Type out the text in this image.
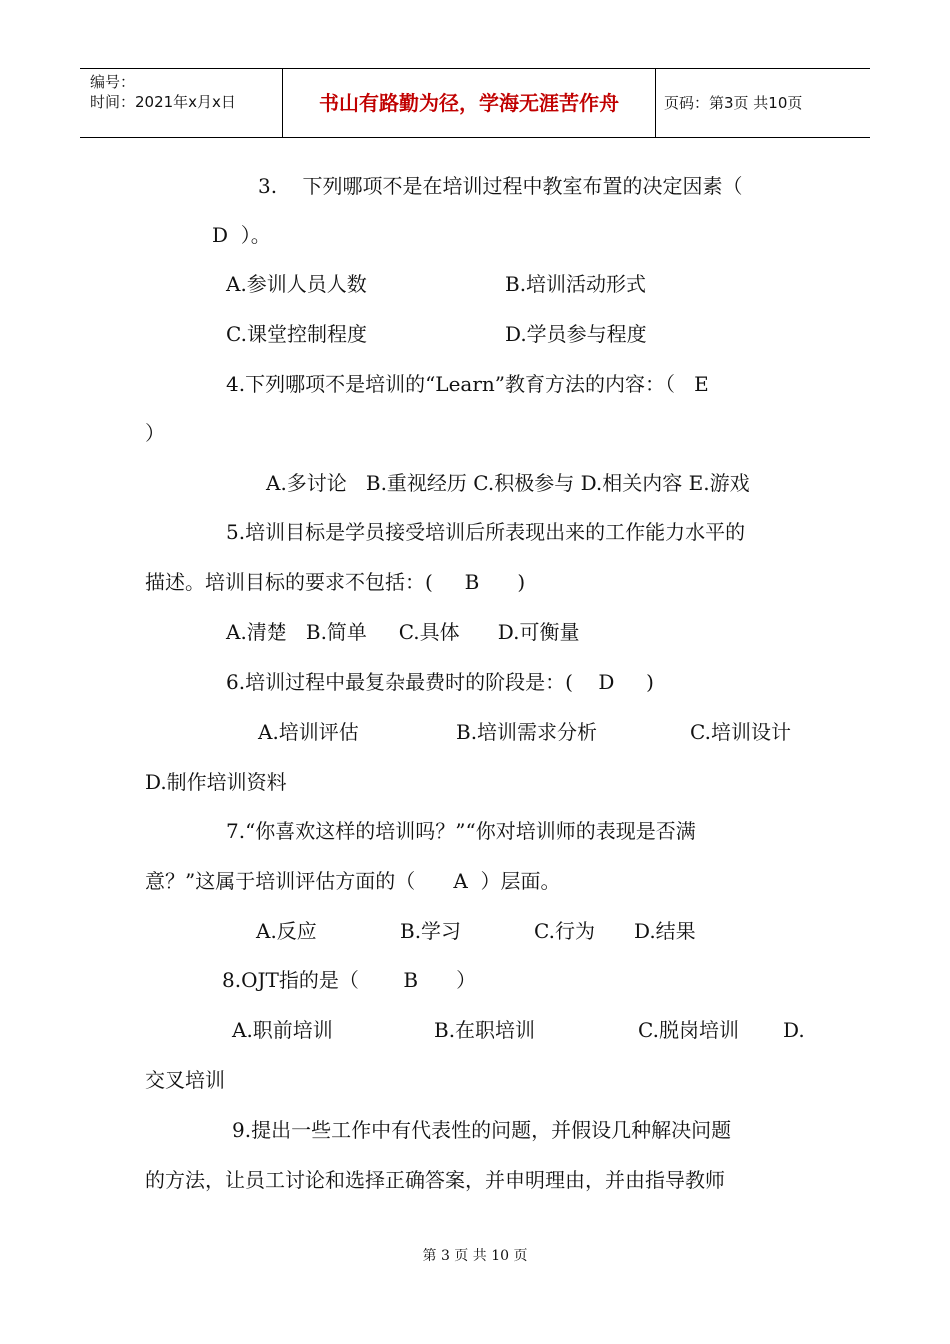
编号：
时间：2021年x月x日	书山有路勤为径，学海无涯苦作舟	页码：第3页 共10页
3.    下列哪项不是在培训过程中教室布置的决定因素（
D  ）。
A.参训人员人数	B.培训活动形式
C.课堂控制程度	D.学员参与程度
4.下列哪项不是培训的“Learn”教育方法的内容：（   E
）
A.多讨论   B.重视经历 C.积极参与 D.相关内容 E.游戏
5.培训目标是学员接受培训后所表现出来的工作能力水平的
描述。培训目标的要求不包括：(     B      )
A.清楚   B.简单     C.具体      D.可衡量
6.培训过程中最复杂最费时的阶段是：(    D     )
A.培训评估	B.培训需求分析	C.培训设计
D.制作培训资料
7.“你喜欢这样的培训吗？”“你对培训师的表现是否满
意？”这属于培训评估方面的（      A  ）层面。
A.反应	B.学习	C.行为 D.结果
8.OJT指的是（       B      ）
A.职前培训	B.在职培训	C.脱岗培训 D.
交叉培训
9.提出一些工作中有代表性的问题，并假设几种解决问题
的方法，让员工讨论和选择正确答案，并申明理由，并由指导教师
第 3 页 共 10 页
